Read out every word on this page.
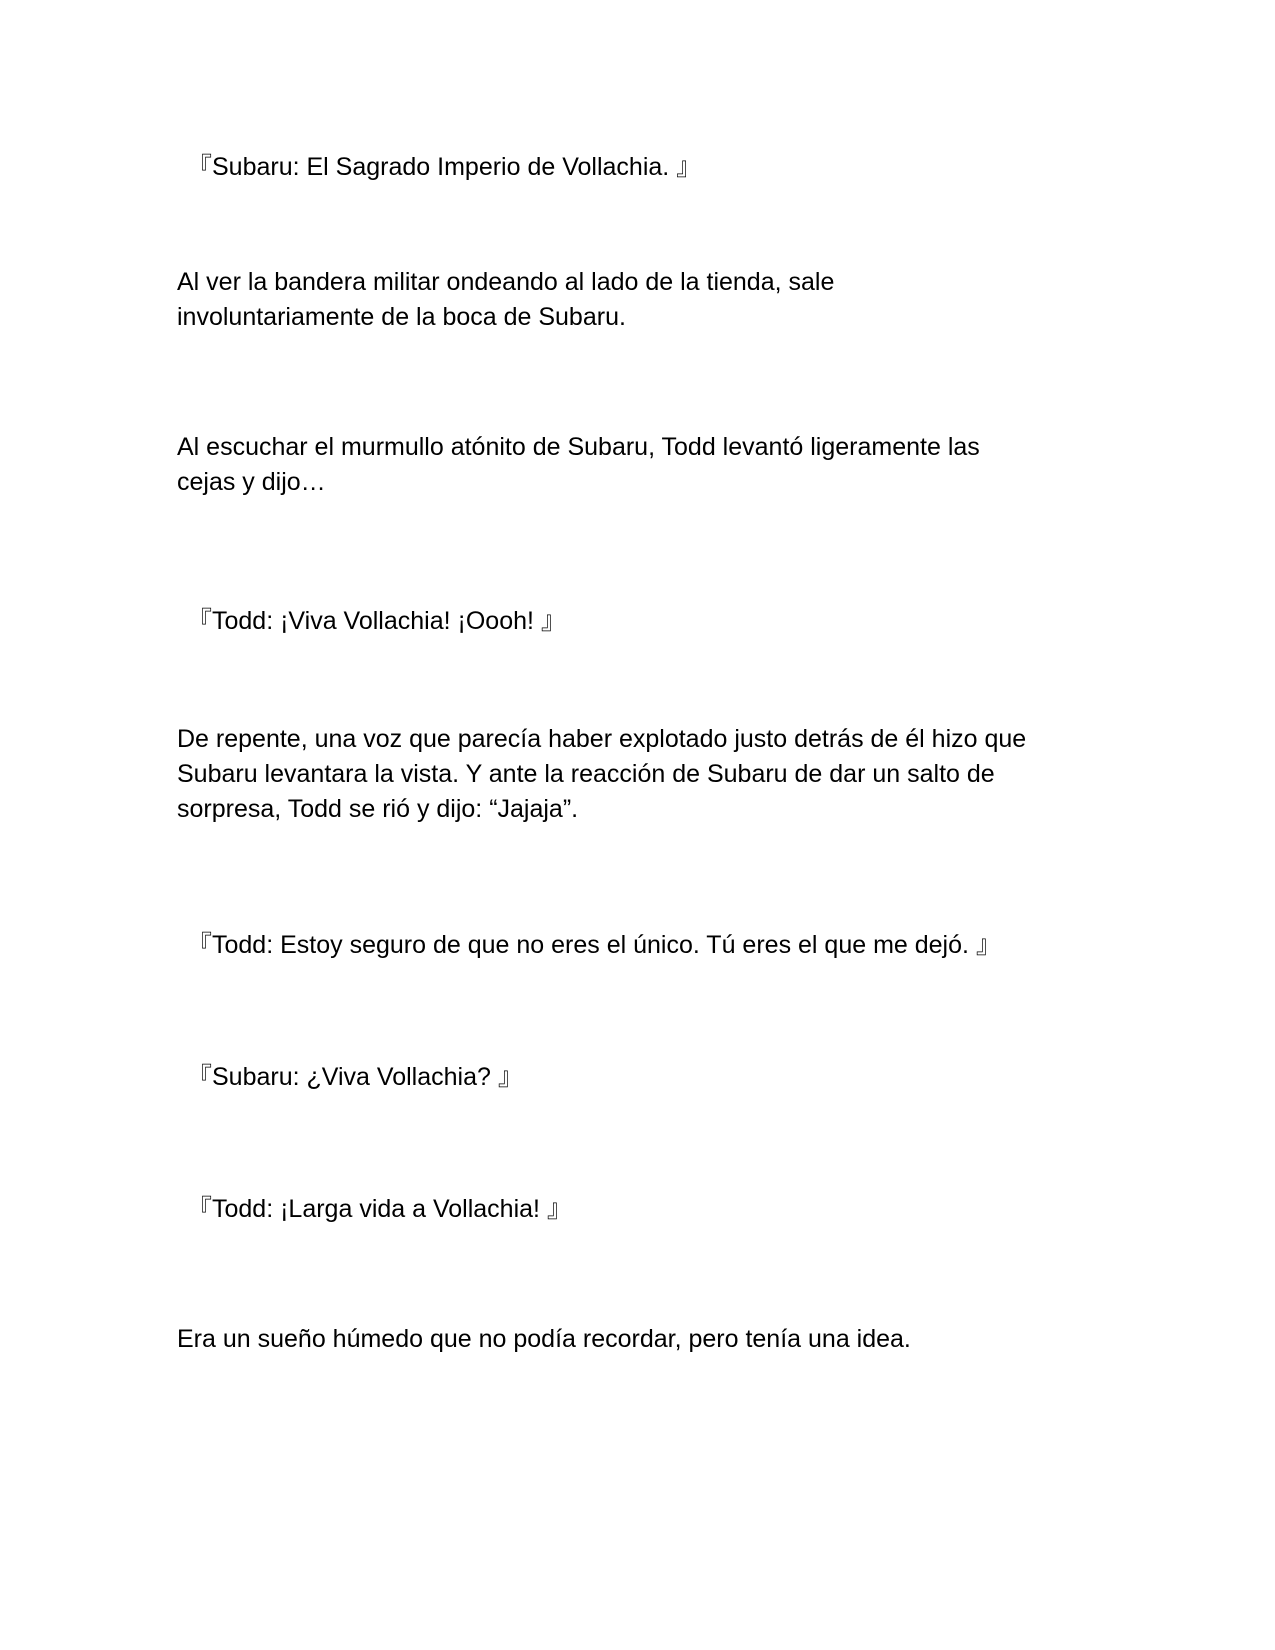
『Subaru: El Sagrado Imperio de Vollachia. 』

Al ver la bandera militar ondeando al lado de la tienda, sale
involuntariamente de la boca de Subaru.

Al escuchar el murmullo atónito de Subaru, Todd levantó ligeramente las
cejas y dijo…

『Todd: ¡Viva Vollachia! ¡Oooh! 』

De repente, una voz que parecía haber explotado justo detrás de él hizo que
Subaru levantara la vista. Y ante la reacción de Subaru de dar un salto de
sorpresa, Todd se rió y dijo: “Jajaja”.

『Todd: Estoy seguro de que no eres el único. Tú eres el que me dejó. 』

『Subaru: ¿Viva Vollachia? 』

『Todd: ¡Larga vida a Vollachia! 』

Era un sueño húmedo que no podía recordar, pero tenía una idea.
